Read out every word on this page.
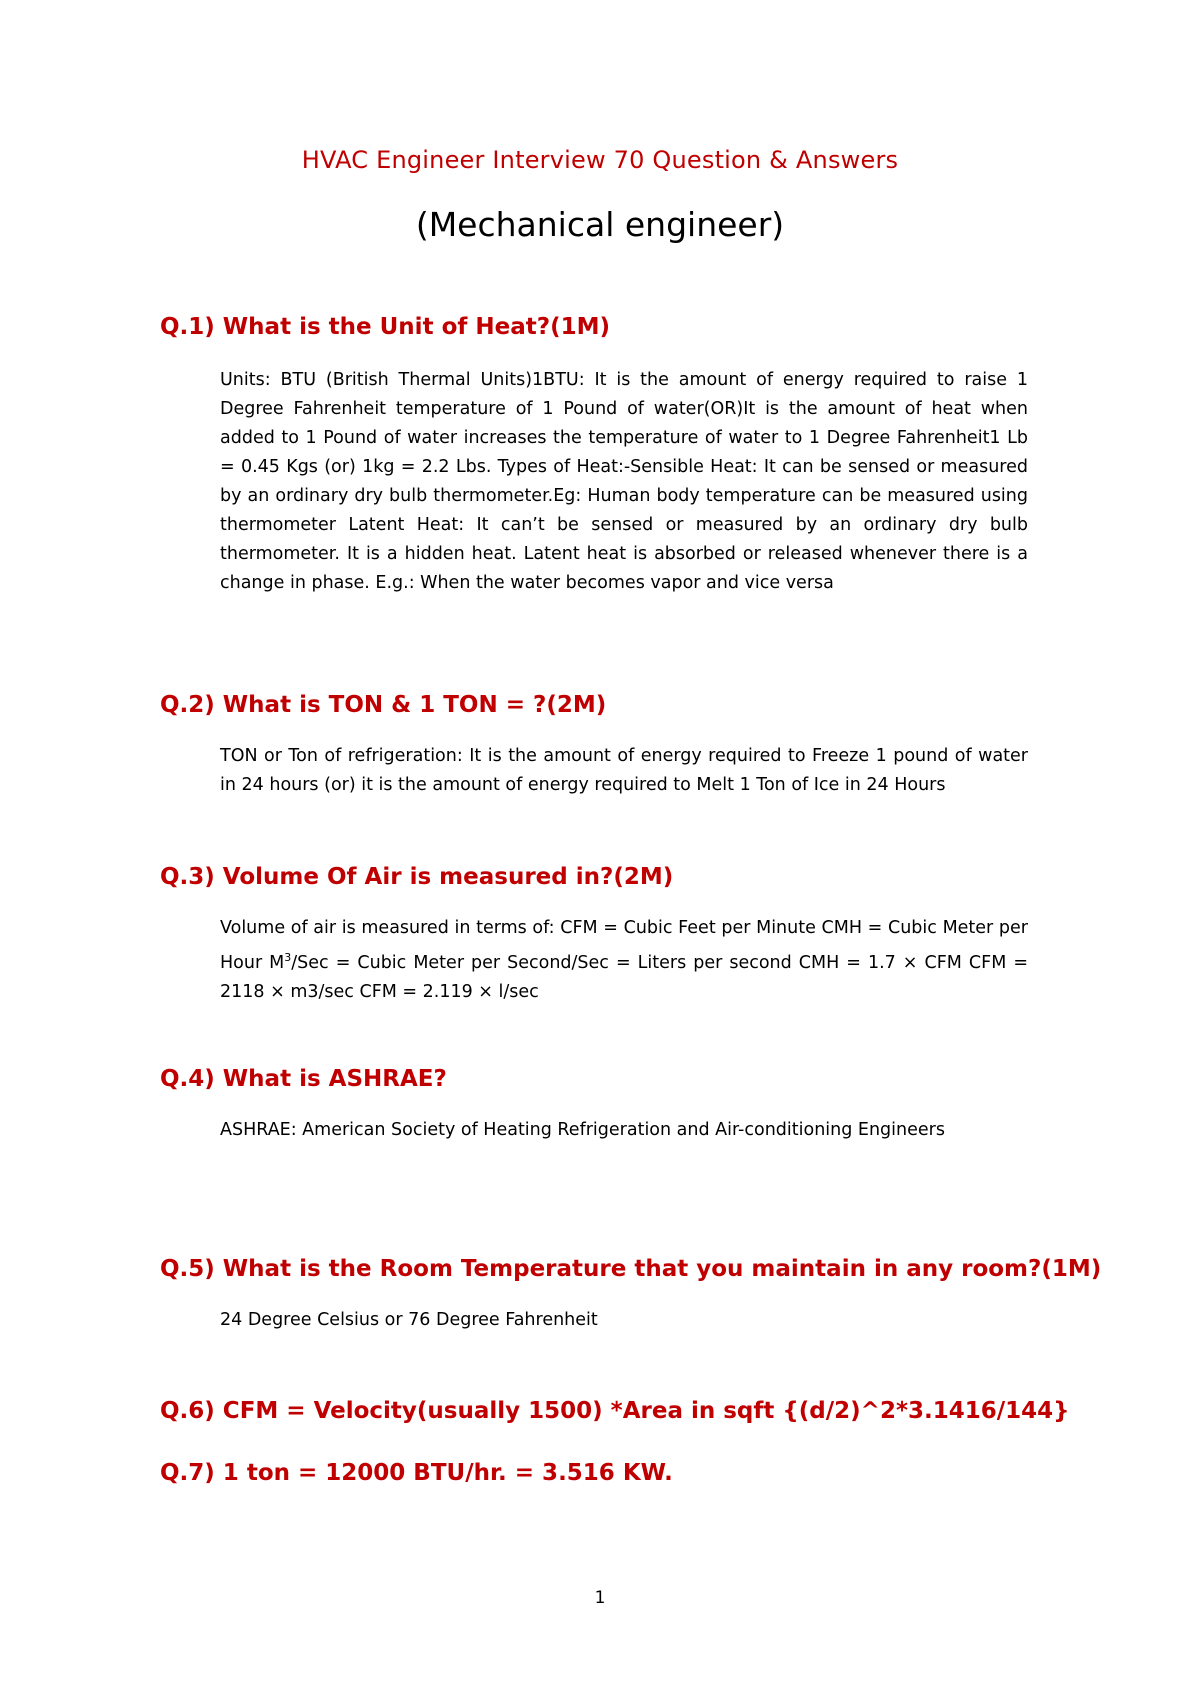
HVAC Engineer Interview 70 Question & Answers
(Mechanical engineer)
Q.1) What is the Unit of Heat?(1M)
Units: BTU (British Thermal Units)1BTU: It is the amount of energy required to raise 1 Degree Fahrenheit temperature of 1 Pound of water(OR)It is the amount of heat when added to 1 Pound of water increases the temperature of water to 1 Degree Fahrenheit1 Lb = 0.45 Kgs (or) 1kg = 2.2 Lbs. Types of Heat:-Sensible Heat: It can be sensed or measured by an ordinary dry bulb thermometer.Eg: Human body temperature can be measured using thermometer Latent Heat: It can’t be sensed or measured by an ordinary dry bulb thermometer. It is a hidden heat. Latent heat is absorbed or released whenever there is a change in phase. E.g.: When the water becomes vapor and vice versa
Q.2) What is TON & 1 TON = ?(2M)
TON or Ton of refrigeration: It is the amount of energy required to Freeze 1 pound of water in 24 hours (or) it is the amount of energy required to Melt 1 Ton of Ice in 24 Hours
Q.3) Volume Of Air is measured in?(2M)
Volume of air is measured in terms of: CFM = Cubic Feet per Minute CMH = Cubic Meter per Hour $M^3$/Sec = Cubic Meter per Second/Sec = Liters per second CMH = 1.7 × CFM CFM = 2118 × m3/sec CFM = 2.119 × l/sec
Q.4) What is ASHRAE?
ASHRAE: American Society of Heating Refrigeration and Air-conditioning Engineers
Q.5) What is the Room Temperature that you maintain in any room?(1M)
24 Degree Celsius or 76 Degree Fahrenheit
Q.6) CFM = Velocity(usually 1500) *Area in sqft {(d/2)^2*3.1416/144}
Q.7) 1 ton = 12000 BTU/hr. = 3.516 KW.
1
